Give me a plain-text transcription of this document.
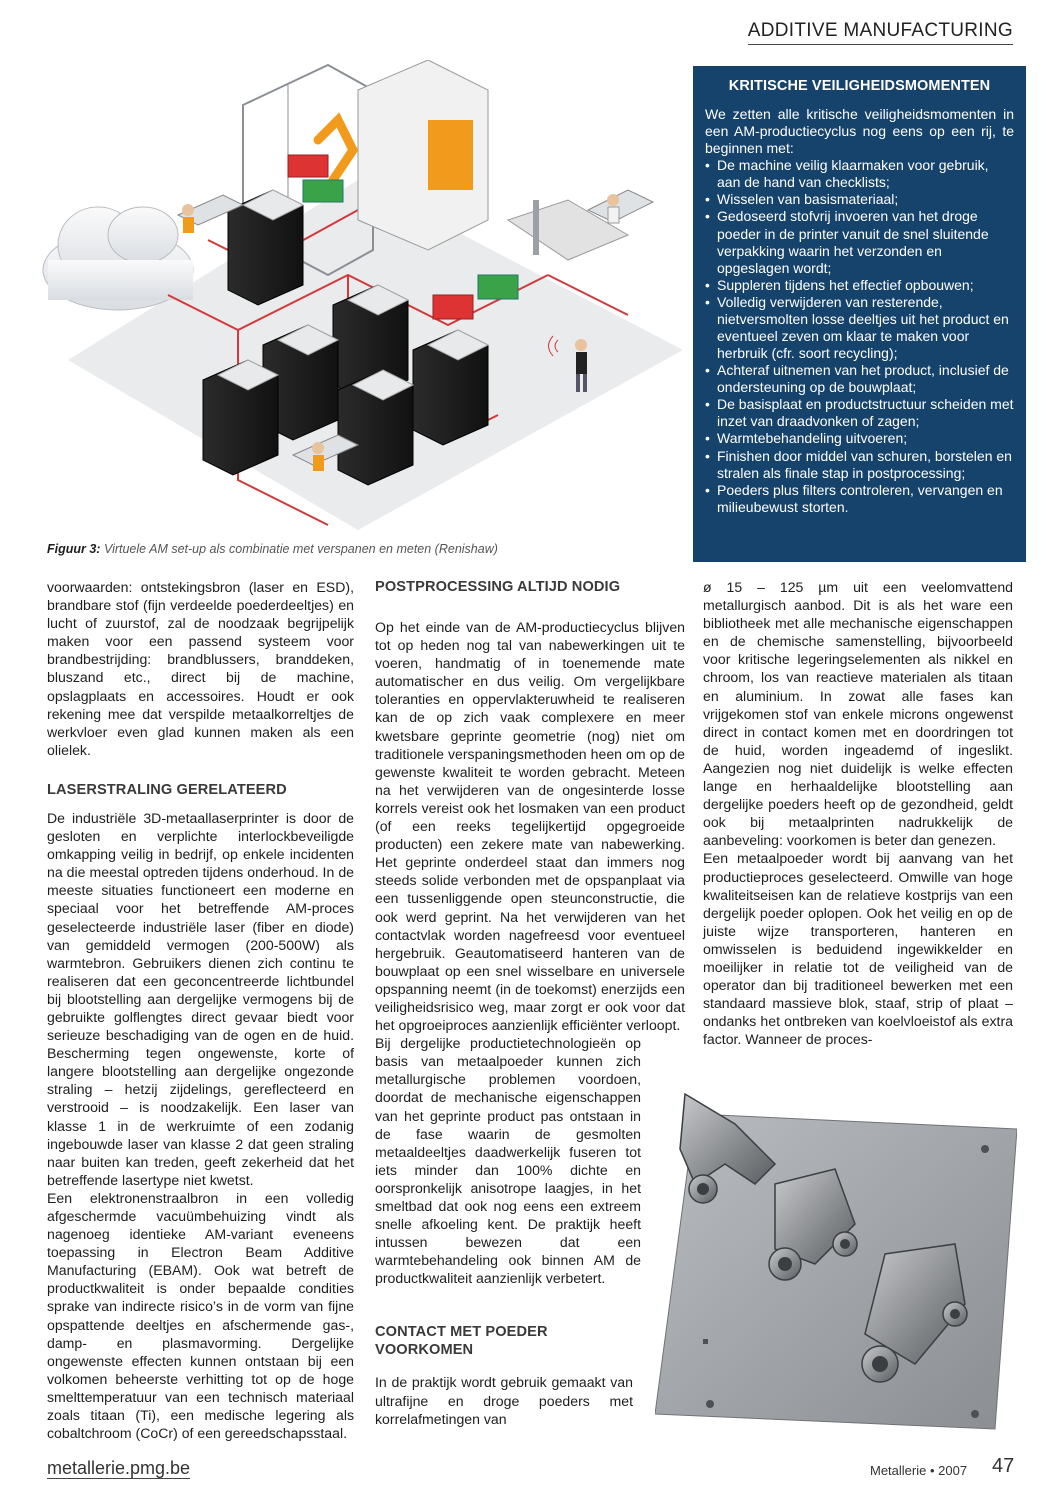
ADDITIVE MANUFACTURING
Figuur 3: Virtuele AM set-up als combinatie met verspanen en meten (Renishaw)
KRITISCHE VEILIGHEIDSMOMENTEN

We zetten alle kritische veiligheidsmomenten in een AM-productiecyclus nog eens op een rij, te beginnen met:

• De machine veilig klaarmaken voor gebruik, aan de hand van checklists;
• Wisselen van basismateriaal;
• Gedoseerd stofvrij invoeren van het droge poeder in de printer vanuit de snel sluitende verpakking waarin het verzonden en opgeslagen wordt;
• Suppleren tijdens het effectief opbouwen;
• Volledig verwijderen van resterende, nietversmolten losse deeltjes uit het product en eventueel zeven om klaar te maken voor herbruik (cfr. soort recycling);
• Achteraf uitnemen van het product, inclusief de ondersteuning op de bouwplaat;
• De basisplaat en productstructuur scheiden met inzet van draadvonken of zagen;
• Warmtebehandeling uitvoeren;
• Finishen door middel van schuren, borstelen en stralen als finale stap in postprocessing;
• Poeders plus filters controleren, vervangen en milieubewust storten.

voorwaarden: ontstekingsbron (laser en ESD), brandbare stof (fijn verdeelde poederdeeltjes) en lucht of zuurstof, zal de noodzaak begrijpelijk maken voor een passend systeem voor brandbestrijding: brandblussers, branddeken, bluszand etc., direct bij de machine, opslagplaats en accessoires. Houdt er ook rekening mee dat verspilde metaalkorreltjes de werkvloer even glad kunnen maken als een olielek.

LASERSTRALING GERELATEERD

De industriële 3D-metaallaserprinter is door de gesloten en verplichte interlockbeveiligde omkapping veilig in bedrijf, op enkele incidenten na die meestal optreden tijdens onderhoud. In de meeste situaties functioneert een moderne en speciaal voor het betreffende AM-proces geselecteerde industriële laser (fiber en diode) van gemiddeld vermogen (200-500W) als warmtebron. Gebruikers dienen zich continu te realiseren dat een geconcentreerde lichtbundel bij blootstelling aan dergelijke vermogens bij de gebruikte golflengtes direct gevaar biedt voor serieuze beschadiging van de ogen en de huid. Bescherming tegen ongewenste, korte of langere blootstelling aan dergelijke ongezonde straling – hetzij zijdelings, gereflecteerd en verstrooid – is noodzakelijk. Een laser van klasse 1 in de werkruimte of een zodanig ingebouwde laser van klasse 2 dat geen straling naar buiten kan treden, geeft zekerheid dat het betreffende lasertype niet kwetst.

Een elektronenstraalbron in een volledig afgeschermde vacuümbehuizing vindt als nagenoeg identieke AM-variant eveneens toepassing in Electron Beam Additive Manufacturing (EBAM). Ook wat betreft de productkwaliteit is onder bepaalde condities sprake van indirecte risico’s in de vorm van fijne opspattende deeltjes en afschermende gas-, damp- en plasmavorming. Dergelijke ongewenste effecten kunnen ontstaan bij een volkomen beheerste verhitting tot op de hoge smelttemperatuur van een technisch materiaal zoals titaan (Ti), een medische legering als cobaltchroom (CoCr) of een gereedschapsstaal.

POSTPROCESSING ALTIJD NODIG

Op het einde van de AM-productiecyclus blijven tot op heden nog tal van nabewerkingen uit te voeren, handmatig of in toenemende mate automatischer en dus veilig. Om vergelijkbare toleranties en oppervlakteruwheid te realiseren kan de op zich vaak complexere en meer kwetsbare geprinte geometrie (nog) niet om traditionele verspaningsmethoden heen om op de gewenste kwaliteit te worden gebracht. Meteen na het verwijderen van de ongesinterde losse korrels vereist ook het losmaken van een product (of een reeks tegelijkertijd opgegroeide producten) een zekere mate van nabewerking. Het geprinte onderdeel staat dan immers nog steeds solide verbonden met de opspanplaat via een tussenliggende open steunconstructie, die ook werd geprint. Na het verwijderen van het contactvlak worden nagefreesd voor eventueel hergebruik. Geautomatiseerd hanteren van de bouwplaat op een snel wisselbare en universele opspanning neemt (in de toekomst) enerzijds een veiligheidsrisico weg, maar zorgt er ook voor dat het opgroeiproces aanzienlijk efficiënter verloopt.

Bij dergelijke productietechnologieën op basis van metaalpoeder kunnen zich metallurgische problemen voordoen, doordat de mechanische eigenschappen van het geprinte product pas ontstaan in de fase waarin de gesmolten metaaldeeltjes daadwerkelijk fuseren tot iets minder dan 100% dichte en oorspronkelijk anisotrope laagjes, in het smeltbad dat ook nog eens een extreem snelle afkoeling kent. De praktijk heeft intussen bewezen dat een warmtebehandeling ook binnen AM de productkwaliteit aanzienlijk verbetert.

CONTACT MET POEDER VOORKOMEN

In de praktijk wordt gebruik gemaakt van ultrafijne en droge poeders met korrelafmetingen van

ø 15 – 125 µm uit een veelomvattend metallurgisch aanbod. Dit is als het ware een bibliotheek met alle mechanische eigenschappen en de chemische samenstelling, bijvoorbeeld voor kritische legeringselementen als nikkel en chroom, los van reactieve materialen als titaan en aluminium. In zowat alle fases kan vrijgekomen stof van enkele microns ongewenst direct in contact komen met en doordringen tot de huid, worden ingeademd of ingeslikt. Aangezien nog niet duidelijk is welke effecten lange en herhaaldelijke blootstelling aan dergelijke poeders heeft op de gezondheid, geldt ook bij metaalprinten nadrukkelijk de aanbeveling: voorkomen is beter dan genezen.

Een metaalpoeder wordt bij aanvang van het productieproces geselecteerd. Omwille van hoge kwaliteitseisen kan de relatieve kostprijs van een dergelijk poeder oplopen. Ook het veilig en op de juiste wijze transporteren, hanteren en omwisselen is beduidend ingewikkelder en moeilijker in relatie tot de veiligheid van de operator dan bij traditioneel bewerken met een standaard massieve blok, staaf, strip of plaat – ondanks het ontbreken van koelvloeistof als extra factor. Wanneer de proces-

metallerie.pmg.be	Metallerie • 2007 47
